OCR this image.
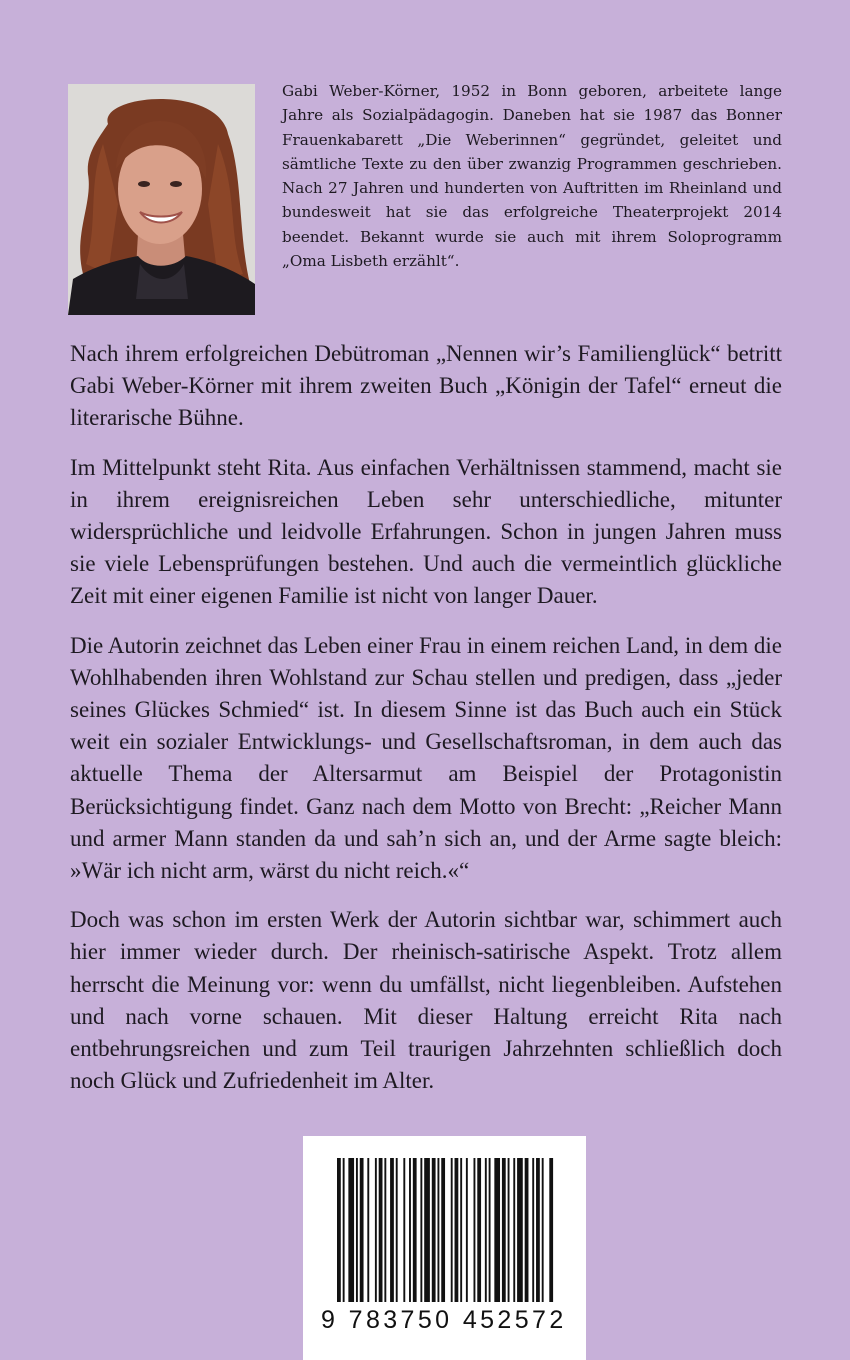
Gabi Weber-Körner, 1952 in Bonn geboren, arbeitete lange Jahre als Sozialpädagogin. Daneben hat sie 1987 das Bonner Frauenkabarett „Die Weberinnen“ gegründet, geleitet und sämtliche Texte zu den über zwanzig Programmen geschrieben. Nach 27 Jahren und hunderten von Auftritten im Rheinland und bundesweit hat sie das erfolgreiche Theaterprojekt 2014 beendet. Bekannt wurde sie auch mit ihrem Soloprogramm „Oma Lisbeth erzählt“.

Nach ihrem erfolgreichen Debütroman „Nennen wir’s Familienglück“ betritt Gabi Weber-Körner mit ihrem zweiten Buch „Königin der Tafel“ erneut die literarische Bühne.

Im Mittelpunkt steht Rita. Aus einfachen Verhältnissen stammend, macht sie in ihrem ereignisreichen Leben sehr unterschiedliche, mitunter widersprüchliche und leidvolle Erfahrungen. Schon in jungen Jahren muss sie viele Lebensprüfungen bestehen. Und auch die vermeintlich glückliche Zeit mit einer eigenen Familie ist nicht von langer Dauer.

Die Autorin zeichnet das Leben einer Frau in einem reichen Land, in dem die Wohlhabenden ihren Wohlstand zur Schau stellen und predigen, dass „jeder seines Glückes Schmied“ ist. In diesem Sinne ist das Buch auch ein Stück weit ein sozialer Entwicklungs- und Gesellschaftsroman, in dem auch das aktuelle Thema der Altersarmut am Beispiel der Protagonistin Berücksichtigung findet. Ganz nach dem Motto von Brecht: „Reicher Mann und armer Mann standen da und sah’n sich an, und der Arme sagte bleich: »Wär ich nicht arm, wärst du nicht reich.«“

Doch was schon im ersten Werk der Autorin sichtbar war, schimmert auch hier immer wieder durch. Der rheinisch-satirische Aspekt. Trotz allem herrscht die Meinung vor: wenn du umfällst, nicht liegenbleiben. Aufstehen und nach vorne schauen. Mit dieser Haltung erreicht Rita nach entbehrungsreichen und zum Teil traurigen Jahrzehnten schließlich doch noch Glück und Zufriedenheit im Alter.

9 783750 452572
